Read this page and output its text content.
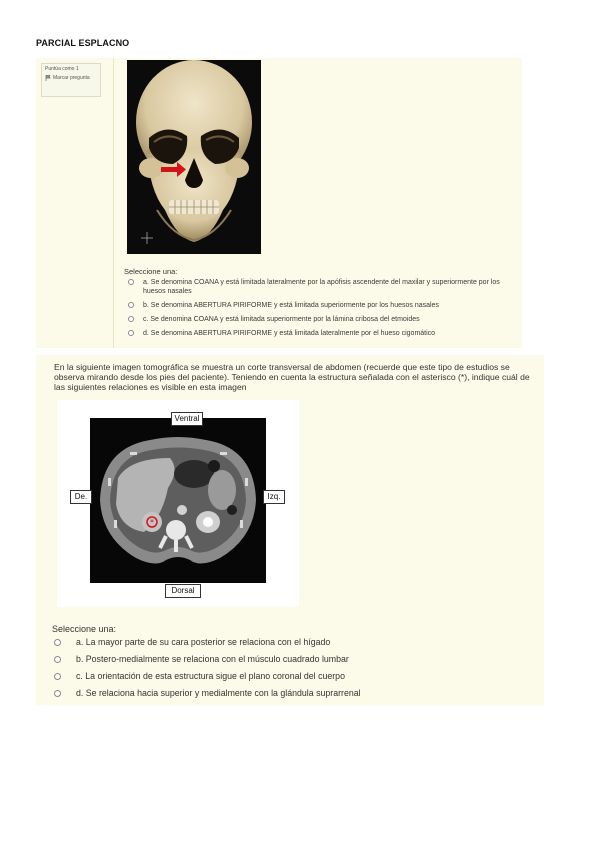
PARCIAL ESPLACNO
Puntúa como 1
Marcar pregunta
Seleccione una:
a. Se denomina COANA y está limitada lateralmente por la apófisis ascendente del maxilar y superiormente por los huesos nasales
b. Se denomina ABERTURA PIRIFORME y está limitada superiormente por los huesos nasales
c. Se denomina COANA y está limitada superiormente por la lámina cribosa del etmoides
d. Se denomina ABERTURA PIRIFORME y está limitada lateralmente por el hueso cigomático
En la siguiente imagen tomográfica se muestra un corte transversal de abdomen (recuerde que este tipo de estudios se observa mirando desde los pies del paciente). Teniendo en cuenta la estructura señalada con el asterisco (*), indique cuál de las siguientes relaciones es visible en esta imagen
*
Ventral
Dorsal
De.	Izq.
Seleccione una:
a. La mayor parte de su cara posterior se relaciona con el hígado
b. Postero-medialmente se relaciona con el músculo cuadrado lumbar
c. La orientación de esta estructura sigue el plano coronal del cuerpo
d. Se relaciona hacia superior y medialmente con la glándula suprarrenal
